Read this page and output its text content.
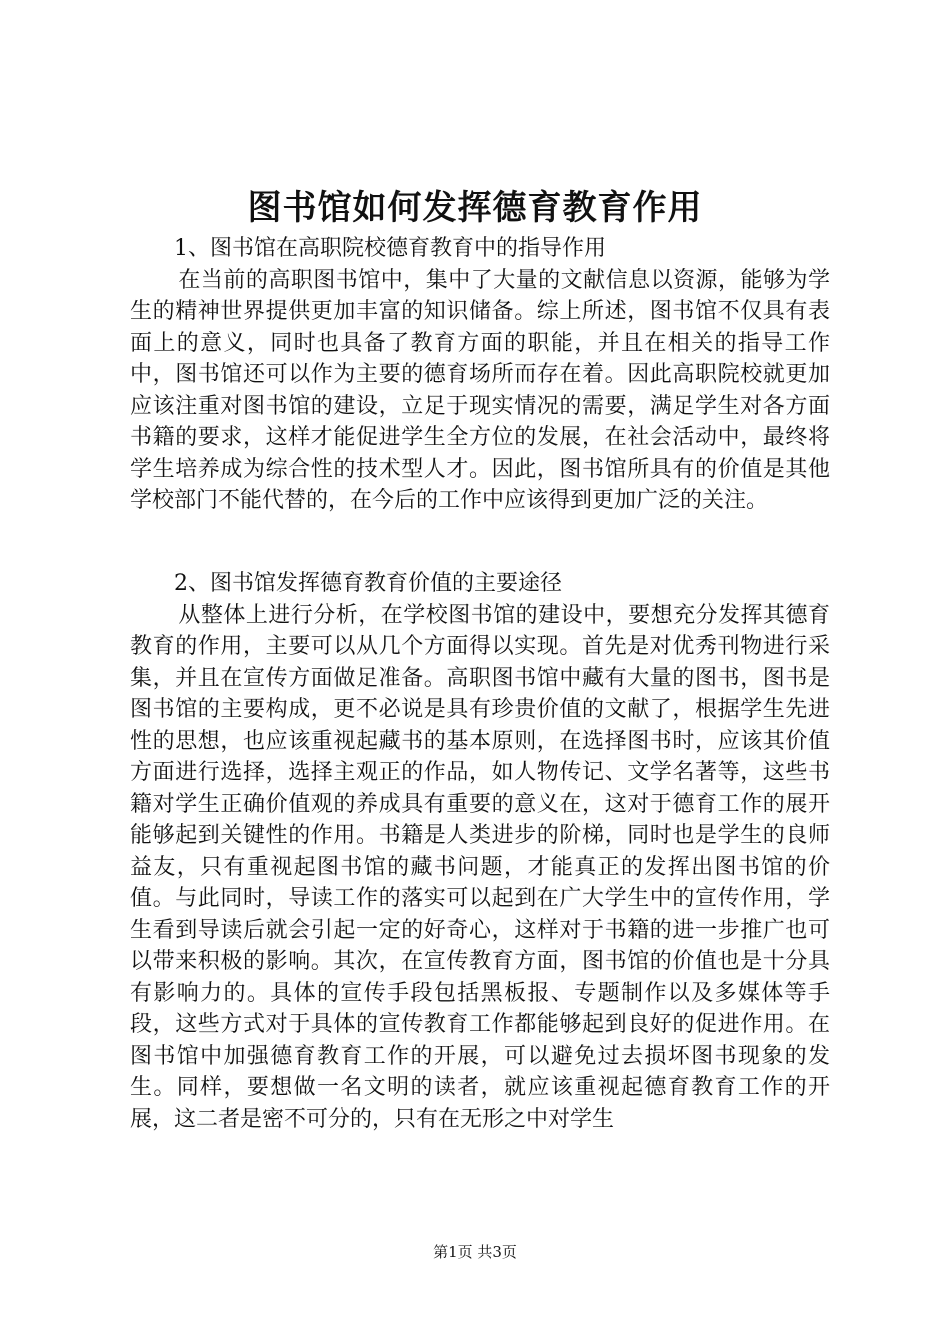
图书馆如何发挥德育教育作用
1、图书馆在高职院校德育教育中的指导作用

在当前的高职图书馆中，集中了大量的文献信息以资源，能够为学生的精神世界提供更加丰富的知识储备。综上所述，图书馆不仅具有表面上的意义，同时也具备了教育方面的职能，并且在相关的指导工作中，图书馆还可以作为主要的德育场所而存在着。因此高职院校就更加应该注重对图书馆的建设，立足于现实情况的需要，满足学生对各方面书籍的要求，这样才能促进学生全方位的发展，在社会活动中，最终将学生培养成为综合性的技术型人才。因此，图书馆所具有的价值是其他学校部门不能代替的，在今后的工作中应该得到更加广泛的关注。

2、图书馆发挥德育教育价值的主要途径

从整体上进行分析，在学校图书馆的建设中，要想充分发挥其德育教育的作用，主要可以从几个方面得以实现。首先是对优秀刊物进行采集，并且在宣传方面做足准备。高职图书馆中藏有大量的图书，图书是图书馆的主要构成，更不必说是具有珍贵价值的文献了，根据学生先进性的思想，也应该重视起藏书的基本原则，在选择图书时，应该其价值方面进行选择，选择主观正的作品，如人物传记、文学名著等，这些书籍对学生正确价值观的养成具有重要的意义在，这对于德育工作的展开能够起到关键性的作用。书籍是人类进步的阶梯，同时也是学生的良师益友，只有重视起图书馆的藏书问题，才能真正的发挥出图书馆的价值。与此同时，导读工作的落实可以起到在广大学生中的宣传作用，学生看到导读后就会引起一定的好奇心，这样对于书籍的进一步推广也可以带来积极的影响。其次，在宣传教育方面，图书馆的价值也是十分具有影响力的。具体的宣传手段包括黑板报、专题制作以及多媒体等手段，这些方式对于具体的宣传教育工作都能够起到良好的促进作用。在图书馆中加强德育教育工作的开展，可以避免过去损坏图书现象的发生。同样，要想做一名文明的读者，就应该重视起德育教育工作的开展，这二者是密不可分的，只有在无形之中对学生

第1页 共3页
